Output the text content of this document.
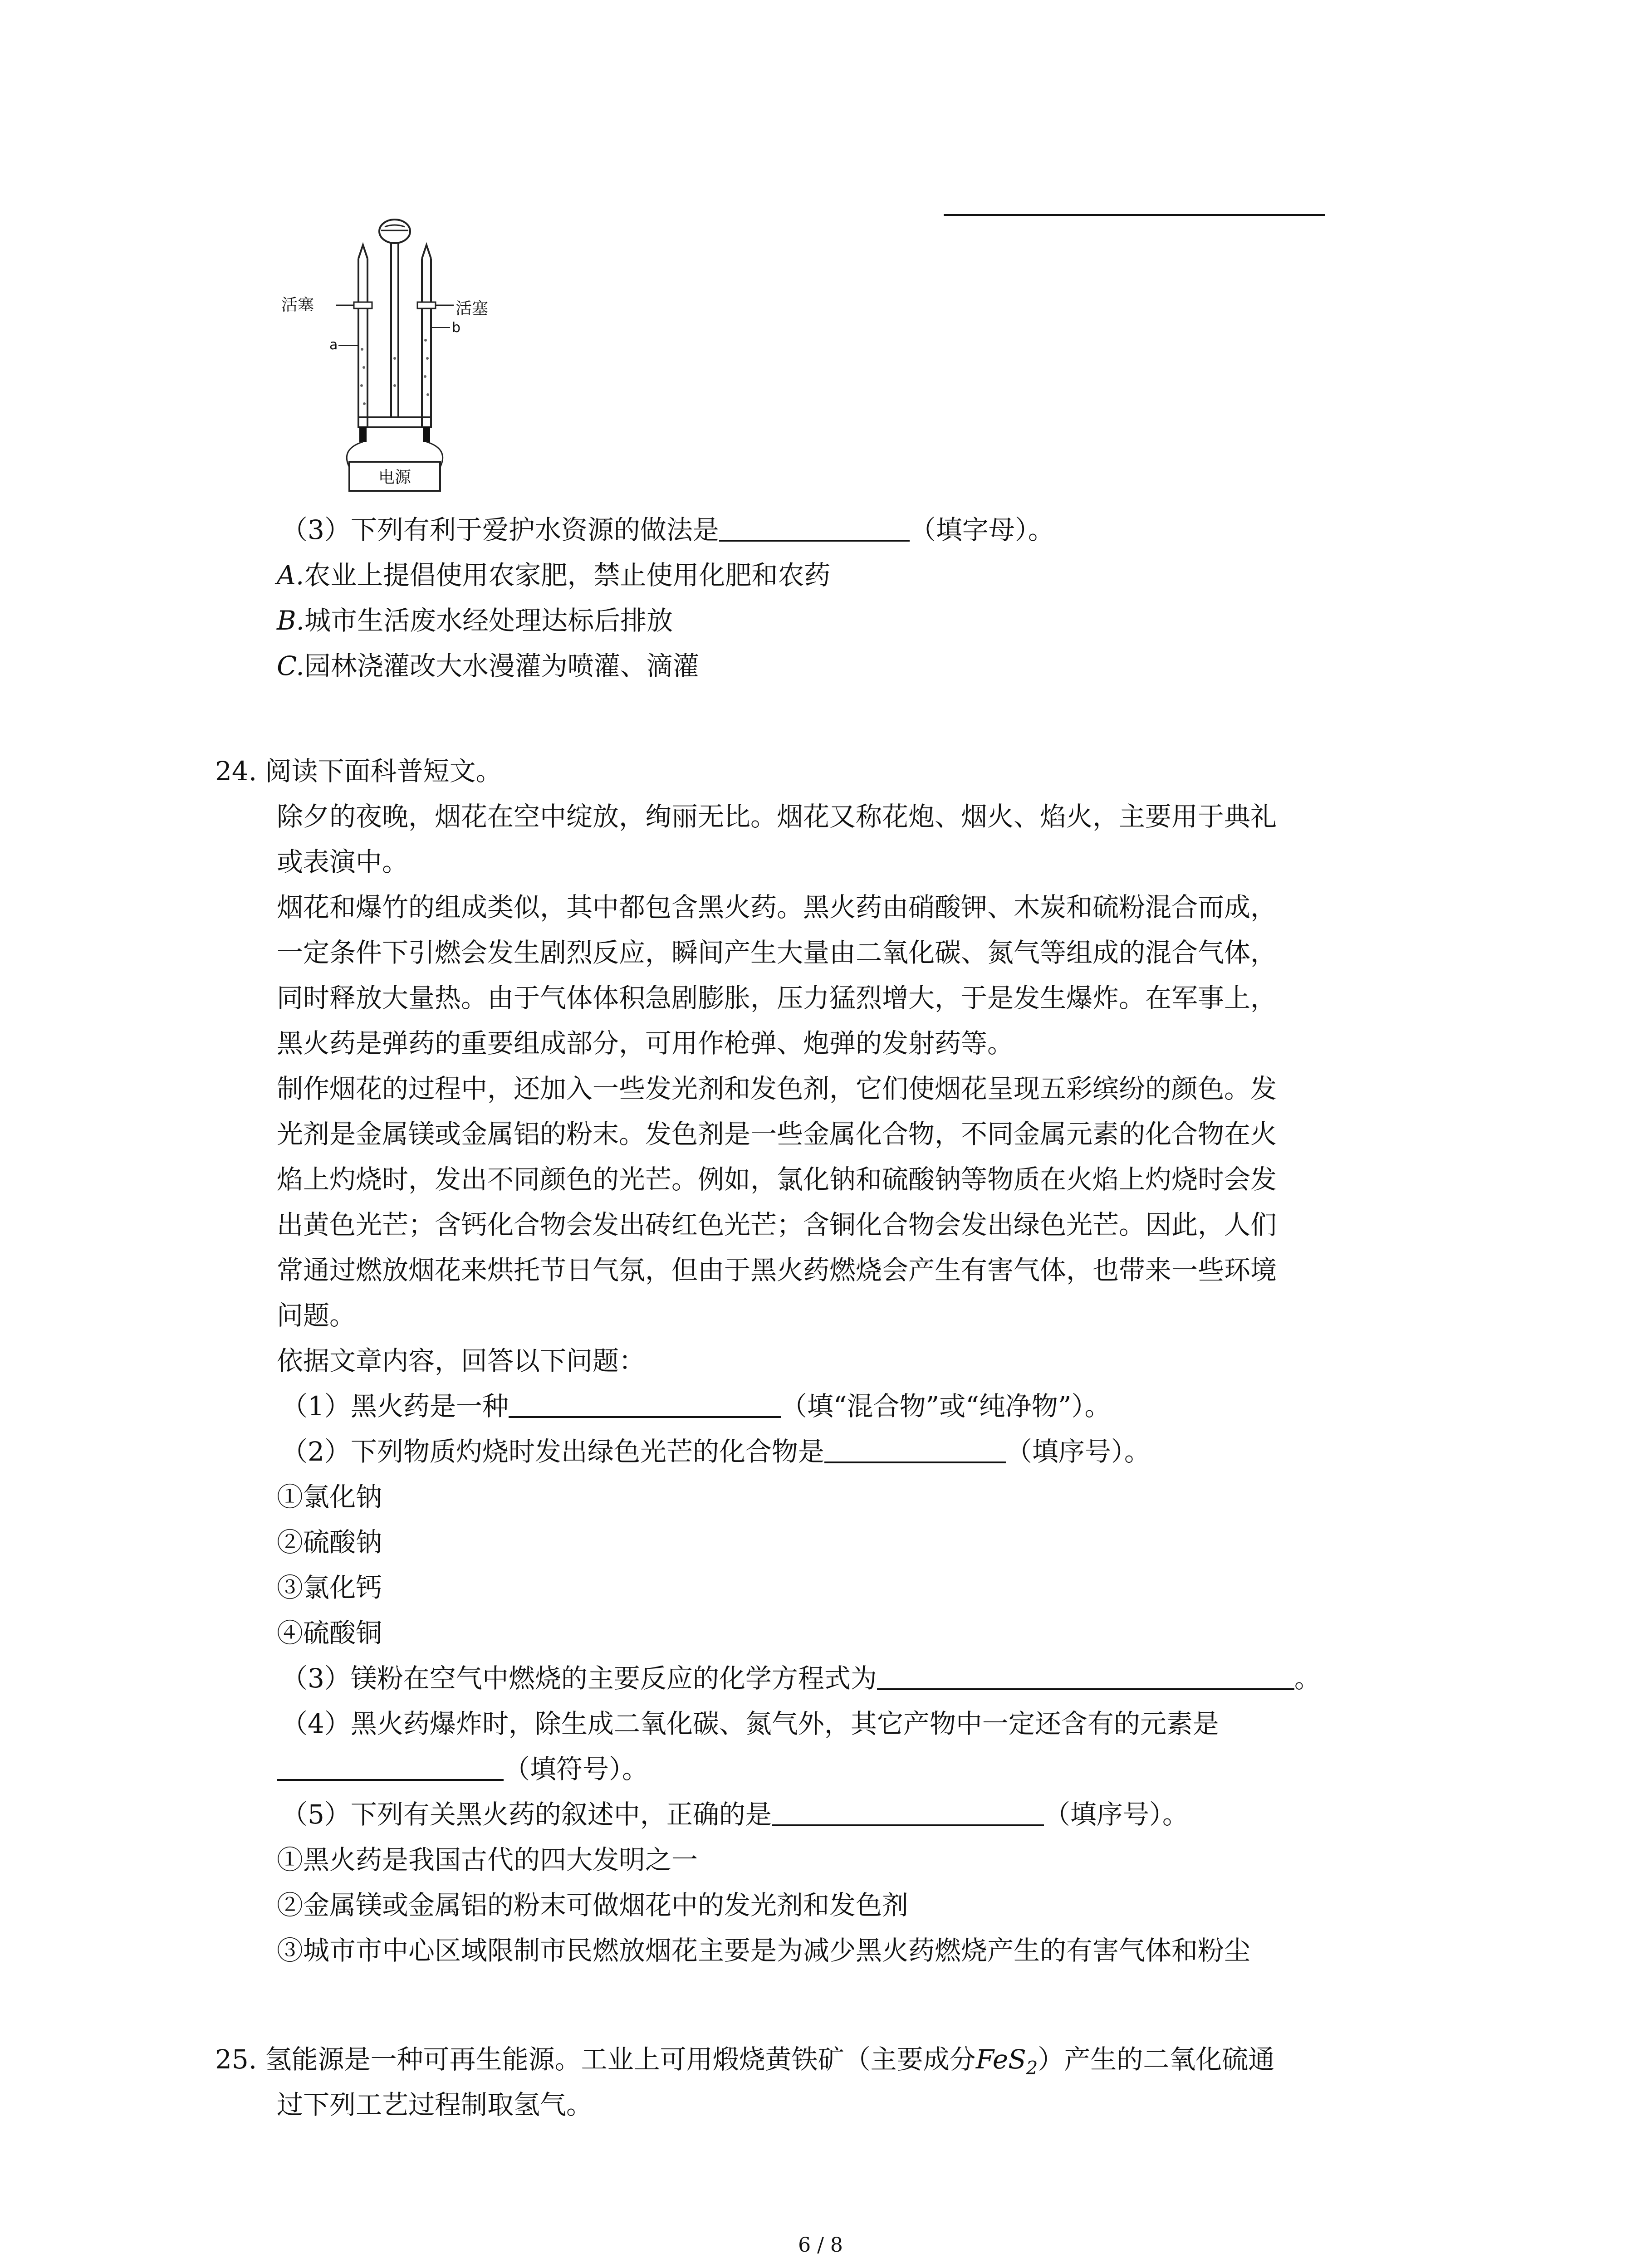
电源
活塞	活塞
a
b
（3）下列有利于爱护水资源的做法是	（填字母）。
A.农业上提倡使用农家肥，禁止使用化肥和农药
B.城市生活废水经处理达标后排放
C.园林浇灌改大水漫灌为喷灌、滴灌
24. 阅读下面科普短文。
除夕的夜晚，烟花在空中绽放，绚丽无比。烟花又称花炮、烟火、焰火，主要用于典礼
或表演中。
烟花和爆竹的组成类似，其中都包含黑火药。黑火药由硝酸钾、木炭和硫粉混合而成，
一定条件下引燃会发生剧烈反应，瞬间产生大量由二氧化碳、氮气等组成的混合气体，
同时释放大量热。由于气体体积急剧膨胀，压力猛烈增大，于是发生爆炸。在军事上，
黑火药是弹药的重要组成部分，可用作枪弹、炮弹的发射药等。
制作烟花的过程中，还加入一些发光剂和发色剂，它们使烟花呈现五彩缤纷的颜色。发
光剂是金属镁或金属铝的粉末。发色剂是一些金属化合物，不同金属元素的化合物在火
焰上灼烧时，发出不同颜色的光芒。例如，氯化钠和硫酸钠等物质在火焰上灼烧时会发
出黄色光芒；含钙化合物会发出砖红色光芒；含铜化合物会发出绿色光芒。因此，人们
常通过燃放烟花来烘托节日气氛，但由于黑火药燃烧会产生有害气体，也带来一些环境
问题。
依据文章内容，回答以下问题：
（1）黑火药是一种	（填“混合物”或“纯净物”）。
（2）下列物质灼烧时发出绿色光芒的化合物是	（填序号）。
①氯化钠
②硫酸钠
③氯化钙
④硫酸铜
（3）镁粉在空气中燃烧的主要反应的化学方程式为	。
（4）黑火药爆炸时，除生成二氧化碳、氮气外，其它产物中一定还含有的元素是
（填符号）。
（5）下列有关黑火药的叙述中，正确的是	（填序号）。
①黑火药是我国古代的四大发明之一
②金属镁或金属铝的粉末可做烟花中的发光剂和发色剂
③城市市中心区域限制市民燃放烟花主要是为减少黑火药燃烧产生的有害气体和粉尘
25. 氢能源是一种可再生能源。工业上可用煅烧黄铁矿（主要成分FeS$_2$）产生的二氧化硫通
过下列工艺过程制取氢气。
6 / 8
